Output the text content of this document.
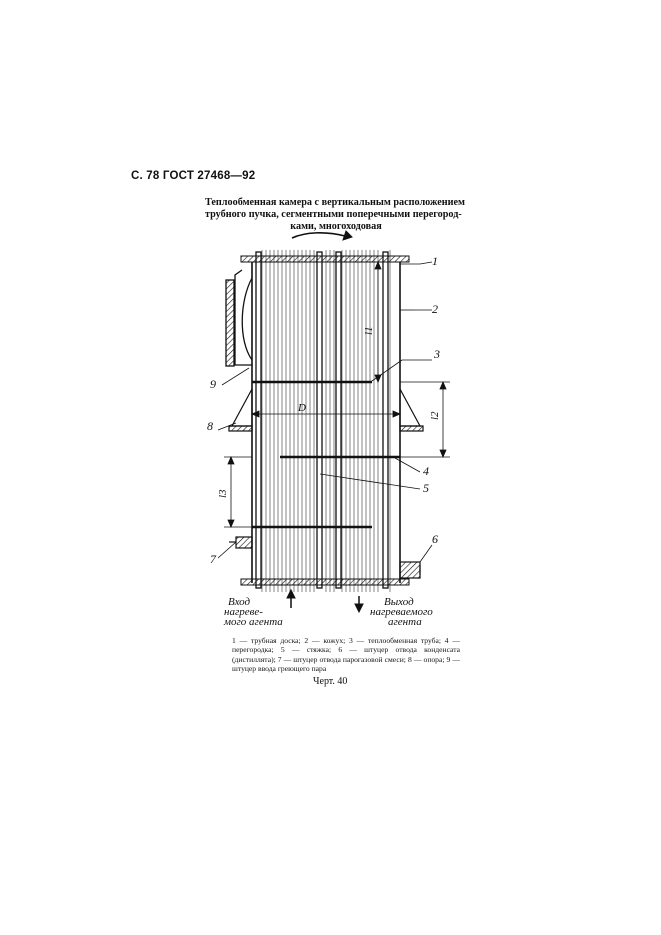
С. 78 ГОСТ 27468—92
Теплообменная камера с вертикальным расположением
трубного пучка, сегментными поперечными перегород-

ками, многоходовая
1
2
3
4
5
6
7
8
9
D
l1
l2
l3
Вход
нагреве-
мого агента
Выход
нагреваемого
агента
1 — трубная доска; 2 — кожух; 3 — теплообменная труба; 4 — перегородка; 5 — стяжка; 6 — штуцер отвода конденсата (дистиллята); 7 — штуцер отвода парогазовой смеси; 8 — опора; 9 — штуцер ввода греющего пара
Черт. 40
